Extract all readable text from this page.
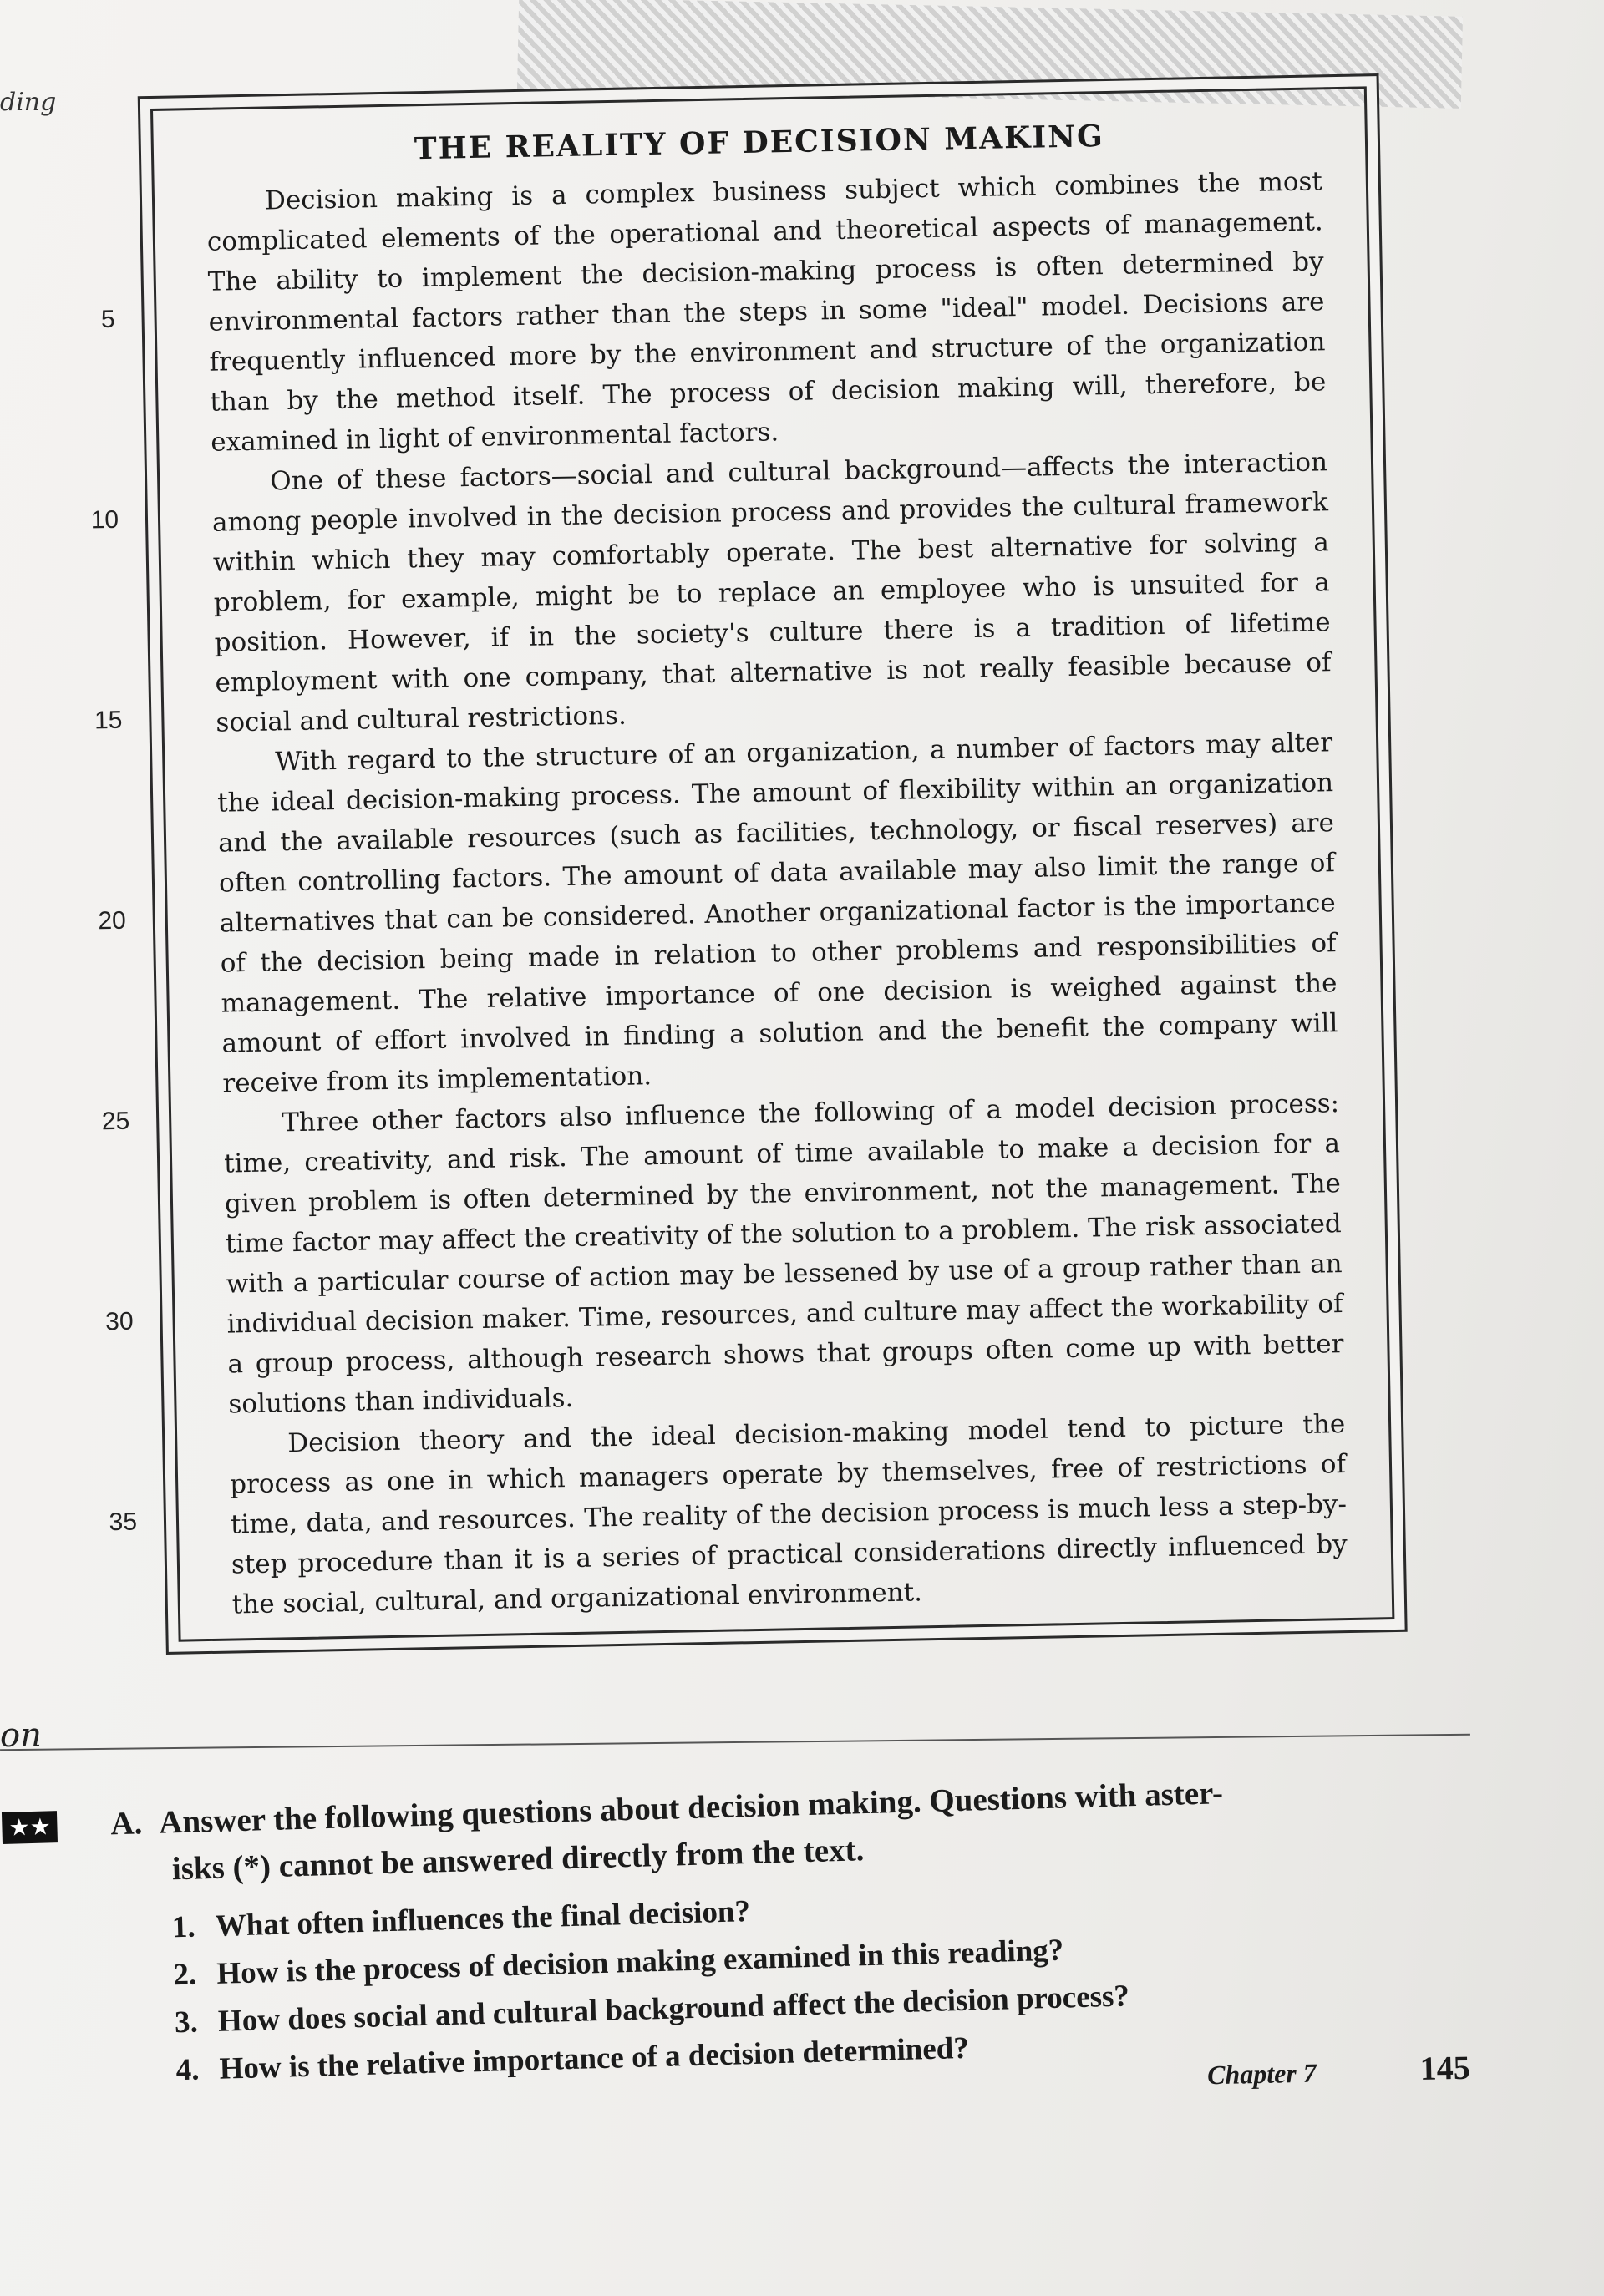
ding
5
10
15
20
25
30
35
THE REALITY OF DECISION MAKING

Decision making is a complex business subject which combines the most complicated elements of the operational and theoretical aspects of management. The ability to implement the decision-making process is often determined by environmental factors rather than the steps in some "ideal" model. Decisions are frequently influenced more by the environment and structure of the organization than by the method itself. The process of decision making will, therefore, be examined in light of environmental factors.

One of these factors—social and cultural background—affects the interaction among people involved in the decision process and provides the cultural framework within which they may comfortably operate. The best alternative for solving a problem, for example, might be to replace an employee who is unsuited for a position. However, if in the society's culture there is a tradition of lifetime employment with one company, that alternative is not really feasible because of social and cultural restrictions.

With regard to the structure of an organization, a number of factors may alter the ideal decision-making process. The amount of flexibility within an organization and the available resources (such as facilities, technology, or fiscal reserves) are often controlling factors. The amount of data available may also limit the range of alternatives that can be considered. Another organizational factor is the importance of the decision being made in relation to other problems and responsibilities of management. The relative importance of one decision is weighed against the amount of effort involved in finding a solution and the benefit the company will receive from its implementation.

Three other factors also influence the following of a model decision process: time, creativity, and risk. The amount of time available to make a decision for a given problem is often determined by the environment, not the management. The time factor may affect the creativity of the solution to a problem. The risk associated with a particular course of action may be lessened by use of a group rather than an individual decision maker. Time, resources, and culture may affect the workability of a group process, although research shows that groups often come up with better solutions than individuals.

Decision theory and the ideal decision-making model tend to picture the process as one in which managers operate by themselves, free of restrictions of time, data, and resources. The reality of the decision process is much less a step-by-step procedure than it is a series of practical considerations directly influenced by the social, cultural, and organizational environment.

on
★★ A. Answer the following questions about decision making. Questions with aster-
isks (*) cannot be answered directly from the text.
1. What often influences the final decision?
2. How is the process of decision making examined in this reading?
3. How does social and cultural background affect the decision process?
4. How is the relative importance of a decision determined?	Chapter 7	145
